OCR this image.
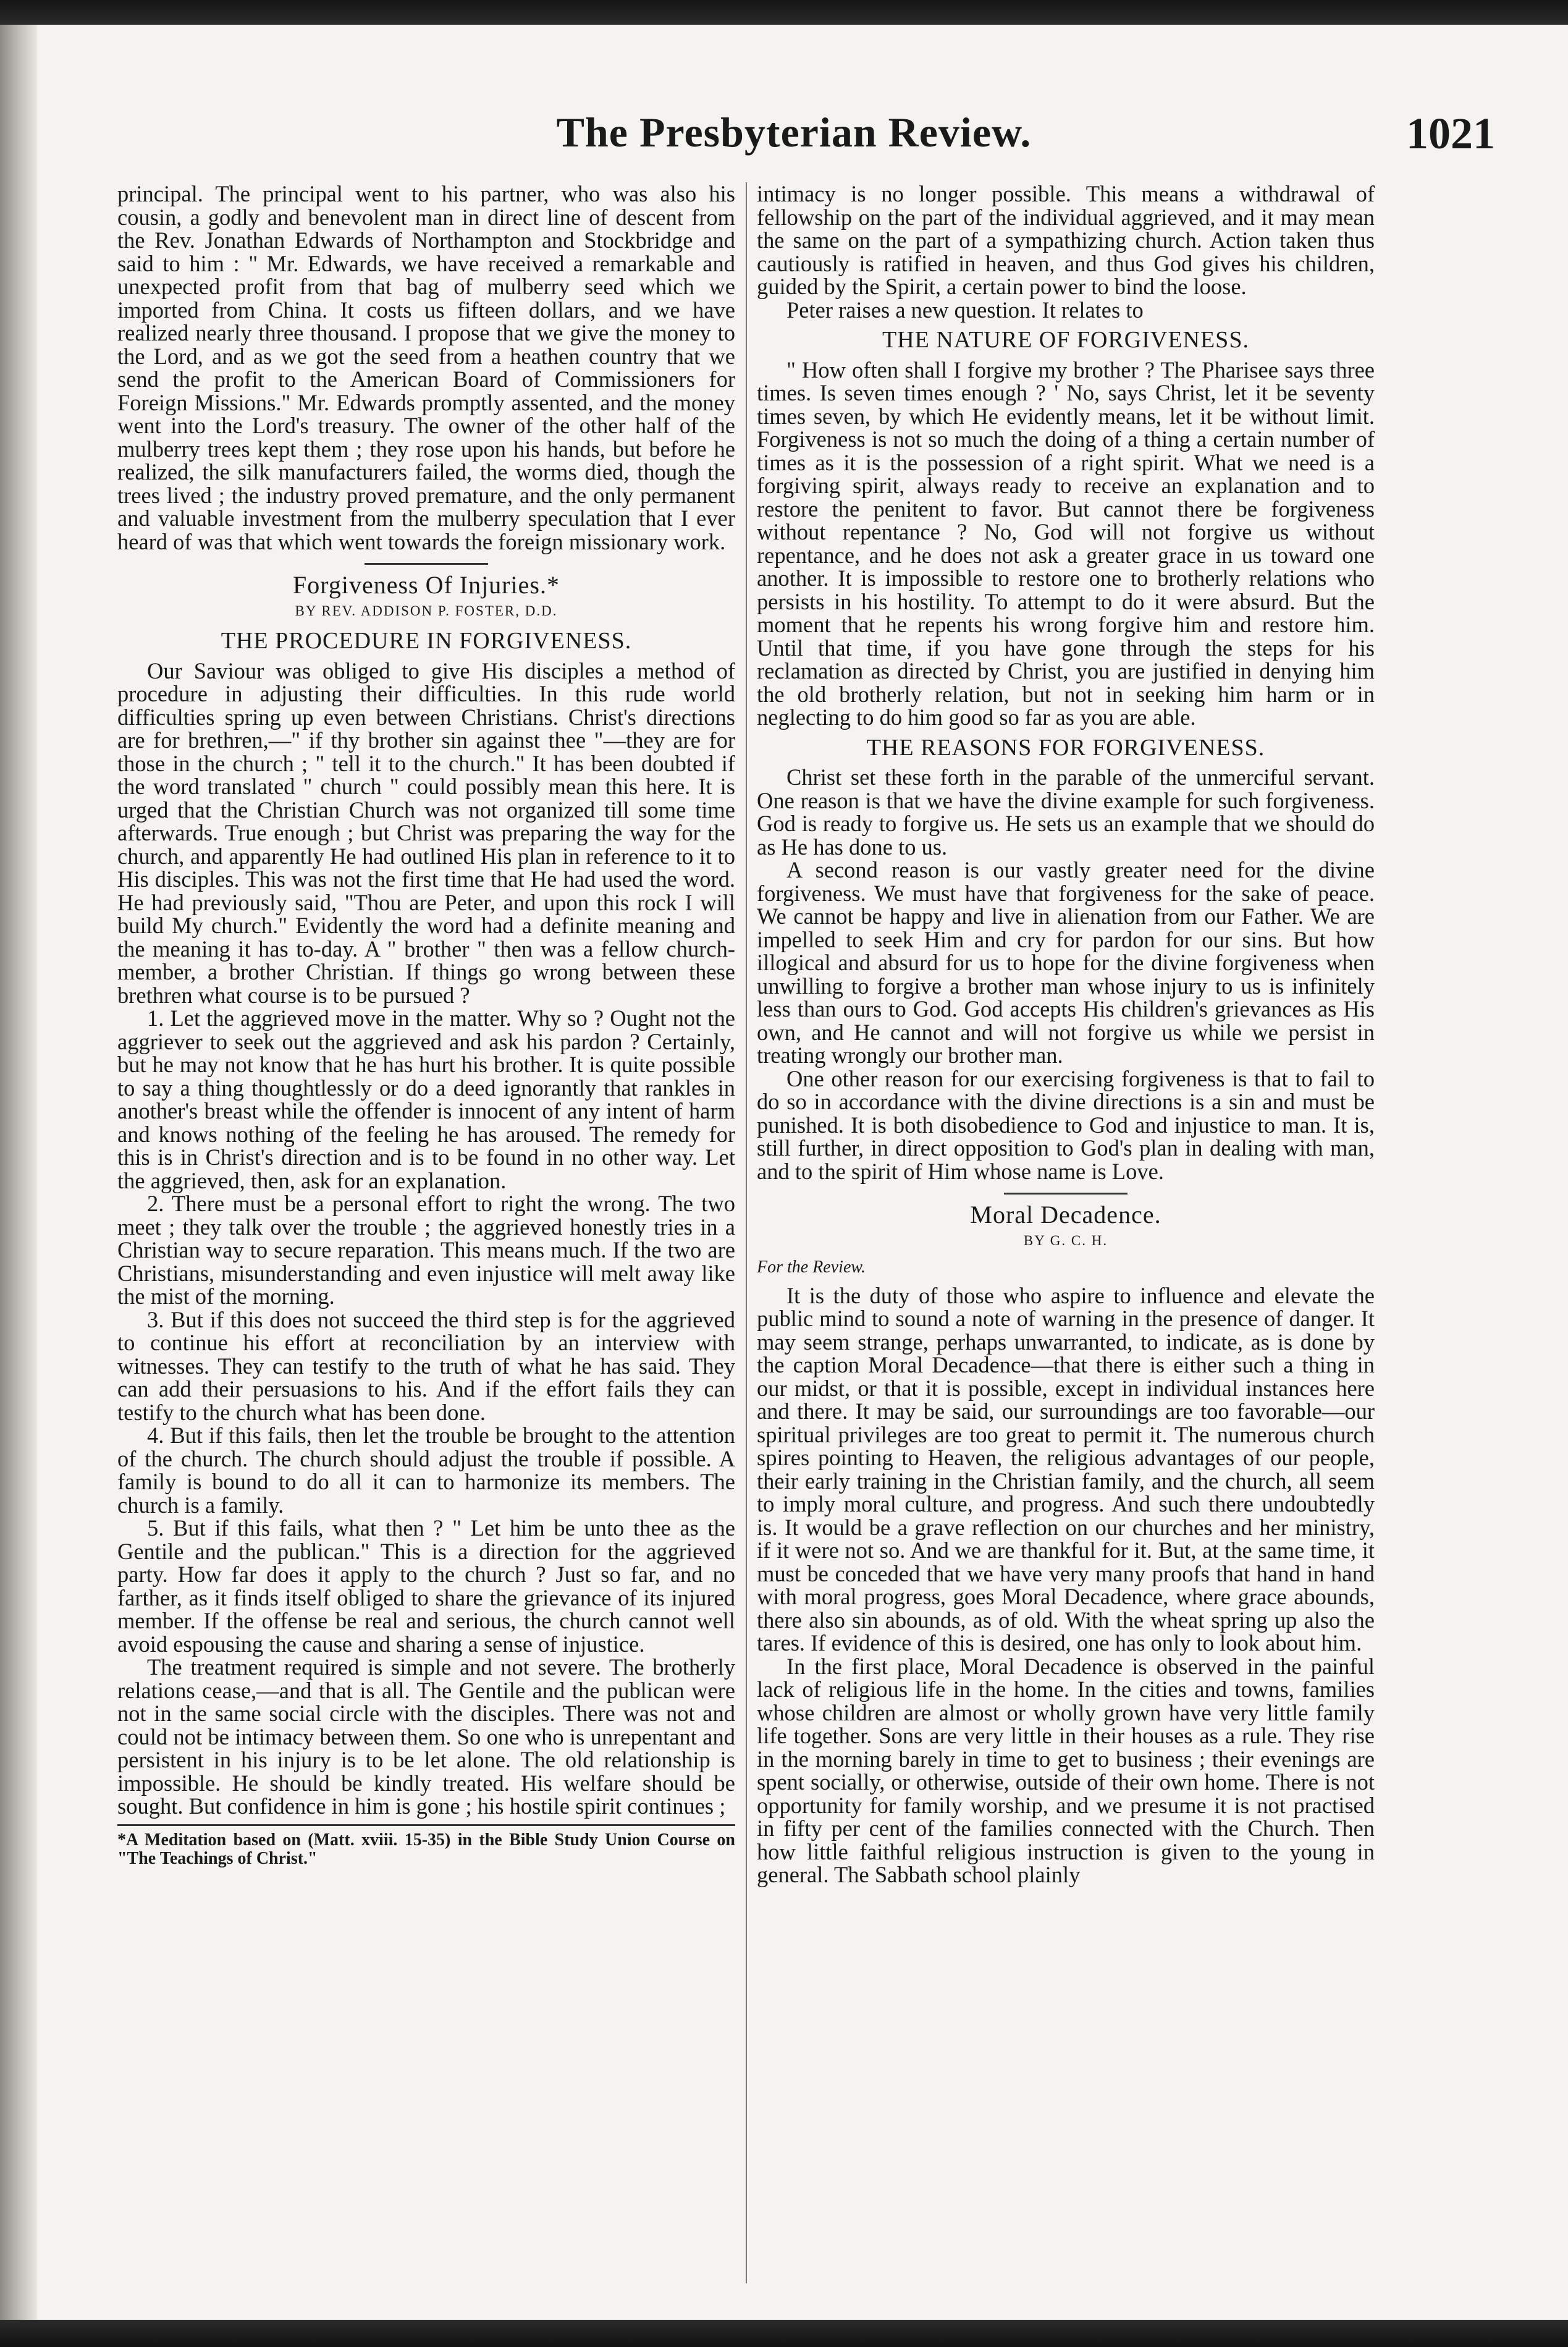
The Presbyterian Review.	1021

principal. The principal went to his partner, who was also his cousin, a godly and benevolent man in direct line of descent from the Rev. Jonathan Edwards of Northampton and Stockbridge and said to him : " Mr. Edwards, we have received a remarkable and unexpected profit from that bag of mulberry seed which we imported from China. It costs us fifteen dollars, and we have realized nearly three thousand. I propose that we give the money to the Lord, and as we got the seed from a heathen country that we send the profit to the American Board of Commissioners for Foreign Missions." Mr. Edwards promptly assented, and the money went into the Lord's treasury. The owner of the other half of the mulberry trees kept them ; they rose upon his hands, but before he realized, the silk manufacturers failed, the worms died, though the trees lived ; the industry proved premature, and the only permanent and valuable investment from the mulberry speculation that I ever heard of was that which went towards the foreign missionary work.

Forgiveness Of Injuries.*
BY REV. ADDISON P. FOSTER, D.D.
THE PROCEDURE IN FORGIVENESS.

Our Saviour was obliged to give His disciples a method of procedure in adjusting their difficulties. In this rude world difficulties spring up even between Christians. Christ's directions are for brethren,—" if thy brother sin against thee "—they are for those in the church ; " tell it to the church." It has been doubted if the word translated " church " could possibly mean this here. It is urged that the Christian Church was not organized till some time afterwards. True enough ; but Christ was preparing the way for the church, and apparently He had outlined His plan in reference to it to His disciples. This was not the first time that He had used the word. He had previously said, "Thou are Peter, and upon this rock I will build My church." Evidently the word had a definite meaning and the meaning it has to-day. A " brother " then was a fellow church-member, a brother Christian. If things go wrong between these brethren what course is to be pursued ?

1. Let the aggrieved move in the matter. Why so ? Ought not the aggriever to seek out the aggrieved and ask his pardon ? Certainly, but he may not know that he has hurt his brother. It is quite possible to say a thing thoughtlessly or do a deed ignorantly that rankles in another's breast while the offender is innocent of any intent of harm and knows nothing of the feeling he has aroused. The remedy for this is in Christ's direction and is to be found in no other way. Let the aggrieved, then, ask for an explanation.

2. There must be a personal effort to right the wrong. The two meet ; they talk over the trouble ; the aggrieved honestly tries in a Christian way to secure reparation. This means much. If the two are Christians, misunderstanding and even injustice will melt away like the mist of the morning.

3. But if this does not succeed the third step is for the aggrieved to continue his effort at reconciliation by an interview with witnesses. They can testify to the truth of what he has said. They can add their persuasions to his. And if the effort fails they can testify to the church what has been done.

4. But if this fails, then let the trouble be brought to the attention of the church. The church should adjust the trouble if possible. A family is bound to do all it can to harmonize its members. The church is a family.

5. But if this fails, what then ? " Let him be unto thee as the Gentile and the publican." This is a direction for the aggrieved party. How far does it apply to the church ? Just so far, and no farther, as it finds itself obliged to share the grievance of its injured member. If the offense be real and serious, the church cannot well avoid espousing the cause and sharing a sense of injustice.

The treatment required is simple and not severe. The brotherly relations cease,—and that is all. The Gentile and the publican were not in the same social circle with the disciples. There was not and could not be intimacy between them. So one who is unrepentant and persistent in his injury is to be let alone. The old relationship is impossible. He should be kindly treated. His welfare should be sought. But confidence in him is gone ; his hostile spirit continues ;

*A Meditation based on (Matt. xviii. 15-35) in the Bible Study Union Course on "The Teachings of Christ."

intimacy is no longer possible. This means a withdrawal of fellowship on the part of the individual aggrieved, and it may mean the same on the part of a sympathizing church. Action taken thus cautiously is ratified in heaven, and thus God gives his children, guided by the Spirit, a certain power to bind the loose.

Peter raises a new question. It relates to

THE NATURE OF FORGIVENESS.

" How often shall I forgive my brother ? The Pharisee says three times. Is seven times enough ? ' No, says Christ, let it be seventy times seven, by which He evidently means, let it be without limit. Forgiveness is not so much the doing of a thing a certain number of times as it is the possession of a right spirit. What we need is a forgiving spirit, always ready to receive an explanation and to restore the penitent to favor. But cannot there be forgiveness without repentance ? No, God will not forgive us without repentance, and he does not ask a greater grace in us toward one another. It is impossible to restore one to brotherly relations who persists in his hostility. To attempt to do it were absurd. But the moment that he repents his wrong forgive him and restore him. Until that time, if you have gone through the steps for his reclamation as directed by Christ, you are justified in denying him the old brotherly relation, but not in seeking him harm or in neglecting to do him good so far as you are able.

THE REASONS FOR FORGIVENESS.

Christ set these forth in the parable of the unmerciful servant. One reason is that we have the divine example for such forgiveness. God is ready to forgive us. He sets us an example that we should do as He has done to us.

A second reason is our vastly greater need for the divine forgiveness. We must have that forgiveness for the sake of peace. We cannot be happy and live in alienation from our Father. We are impelled to seek Him and cry for pardon for our sins. But how illogical and absurd for us to hope for the divine forgiveness when unwilling to forgive a brother man whose injury to us is infinitely less than ours to God. God accepts His children's grievances as His own, and He cannot and will not forgive us while we persist in treating wrongly our brother man.

One other reason for our exercising forgiveness is that to fail to do so in accordance with the divine directions is a sin and must be punished. It is both disobedience to God and injustice to man. It is, still further, in direct opposition to God's plan in dealing with man, and to the spirit of Him whose name is Love.

Moral Decadence.
BY G. C. H.
For the Review.

It is the duty of those who aspire to influence and elevate the public mind to sound a note of warning in the presence of danger. It may seem strange, perhaps unwarranted, to indicate, as is done by the caption Moral Decadence—that there is either such a thing in our midst, or that it is possible, except in individual instances here and there. It may be said, our surroundings are too favorable—our spiritual privileges are too great to permit it. The numerous church spires pointing to Heaven, the religious advantages of our people, their early training in the Christian family, and the church, all seem to imply moral culture, and progress. And such there undoubtedly is. It would be a grave reflection on our churches and her ministry, if it were not so. And we are thankful for it. But, at the same time, it must be conceded that we have very many proofs that hand in hand with moral progress, goes Moral Decadence, where grace abounds, there also sin abounds, as of old. With the wheat spring up also the tares. If evidence of this is desired, one has only to look about him.

In the first place, Moral Decadence is observed in the painful lack of religious life in the home. In the cities and towns, families whose children are almost or wholly grown have very little family life together. Sons are very little in their houses as a rule. They rise in the morning barely in time to get to business ; their evenings are spent socially, or otherwise, outside of their own home. There is not opportunity for family worship, and we presume it is not practised in fifty per cent of the families connected with the Church. Then how little faithful religious instruction is given to the young in general. The Sabbath school plainly
